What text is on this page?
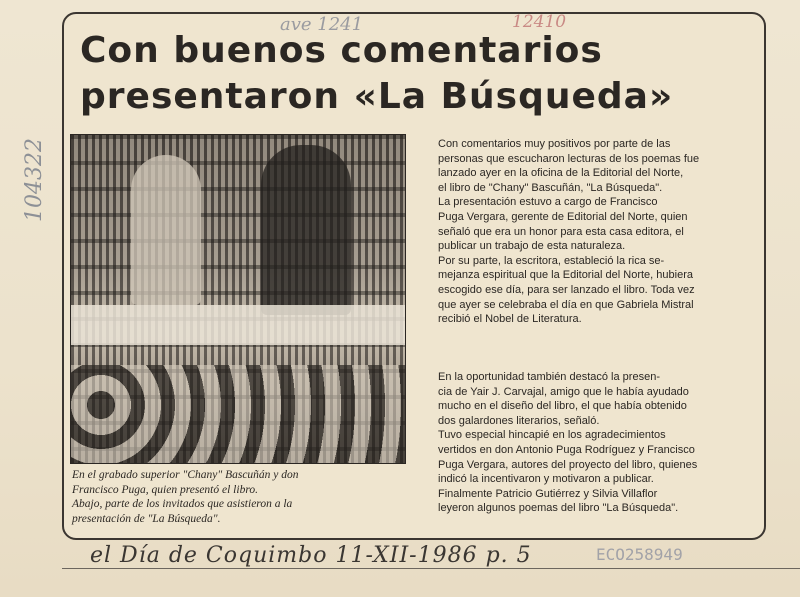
ave 1241	12410
104322
Con buenos comentarios
presentaron «La Búsqueda»

En el grabado superior "Chany" Bascuñán y don
Francisco Puga, quien presentó el libro.
Abajo, parte de los invitados que asistieron a la
presentación de "La Búsqueda".

Con comentarios muy positivos por parte de las
personas que escucharon lecturas de los poemas fue
lanzado ayer en la oficina de la Editorial del Norte,
el libro de "Chany" Bascuñán, "La Búsqueda".
La presentación estuvo a cargo de Francisco
Puga Vergara, gerente de Editorial del Norte, quien
señaló que era un honor para esta casa editora, el
publicar un trabajo de esta naturaleza.
Por su parte, la escritora, estableció la rica se-
mejanza espiritual que la Editorial del Norte, hubiera
escogido ese día, para ser lanzado el libro. Toda vez
que ayer se celebraba el día en que Gabriela Mistral
recibió el Nobel de Literatura.

En la oportunidad también destacó la presen-
cia de Yair J. Carvajal, amigo que le había ayudado
mucho en el diseño del libro, el que había obtenido
dos galardones literarios, señaló.
Tuvo especial hincapié en los agradecimientos
vertidos en don Antonio Puga Rodríguez y Francisco
Puga Vergara, autores del proyecto del libro, quienes
indicó la incentivaron y motivaron a publicar.
Finalmente Patricio Gutiérrez y Silvia Villaflor
leyeron algunos poemas del libro "La Búsqueda".

el Día de Coquimbo 11-XII-1986 p. 5	ECO258949
